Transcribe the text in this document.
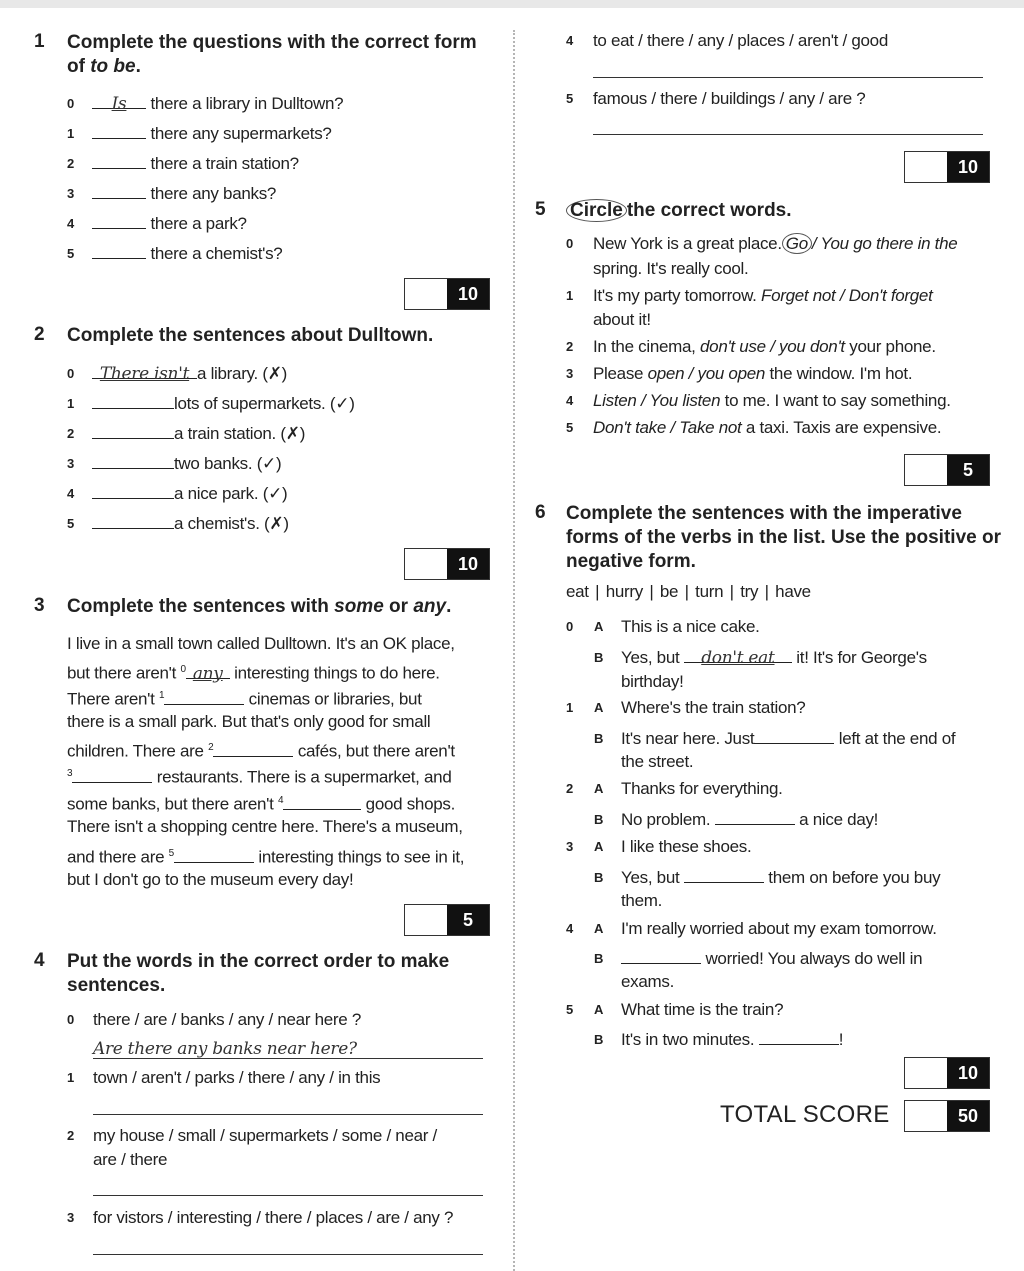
1 Complete the questions with the correct form of to be.
0	Is there a library in Dulltown?
1	there any supermarkets?
2	there a train station?
3	there any banks?
4	there a park?
5	there a chemist's?
10
2 Complete the sentences about Dulltown.
0	There isn't a library. (✗)
1	lots of supermarkets. (✓)
2	a train station. (✗)
3	two banks. (✓)
4	a nice park. (✓)
5	a chemist's. (✗)
10
3 Complete the sentences with some or any.
I live in a small town called Dulltown. It's an OK place,
but there aren't $^0$ any interesting things to do here.
There aren't $^1$	cinemas or libraries, but
there is a small park. But that's only good for small
children. There are $^2$	cafés, but there aren't
$^3$	restaurants. There is a supermarket, and
some banks, but there aren't $^4$	good shops.
There isn't a shopping centre here. There's a museum,
and there are $^5$	interesting things to see in it,
but I don't go to the museum every day!
5
4 Put the words in the correct order to make
sentences.
0 there / are / banks / any / near here ?
Are there any banks near here?
1 town / aren't / parks / there / any / in this
2 my house / small / supermarkets / some / near /
are / there
3 for vistors / interesting / there / places / are / any ?
4 to eat / there / any / places / aren't / good
5 famous / there / buildings / any / are ?
10
5 Circle the correct words.
0 New York is a great place. Go / You go there in the
spring. It's really cool.
1 It's my party tomorrow. Forget not / Don't forget
about it!
2 In the cinema, don't use / you don't your phone.
3 Please open / you open the window. I'm hot.
4 Listen / You listen to me. I want to say something.
5 Don't take / Take not a taxi. Taxis are expensive.
5
6 Complete the sentences with the imperative
forms of the verbs in the list. Use the positive or
negative form.
eat | hurry | be | turn | try | have
0 A This is a nice cake.
B Yes, but don't eat it! It's for George's
birthday!
1 A Where's the train station?
B It's near here. Just	left at the end of
the street.
2 A Thanks for everything.
B No problem.	a nice day!
3 A I like these shoes.
B Yes, but	them on before you buy
them.
4 A I'm really worried about my exam tomorrow.
B	worried! You always do well in
exams.
5 A What time is the train?
B It's in two minutes.	!
10
TOTAL SCORE	50
